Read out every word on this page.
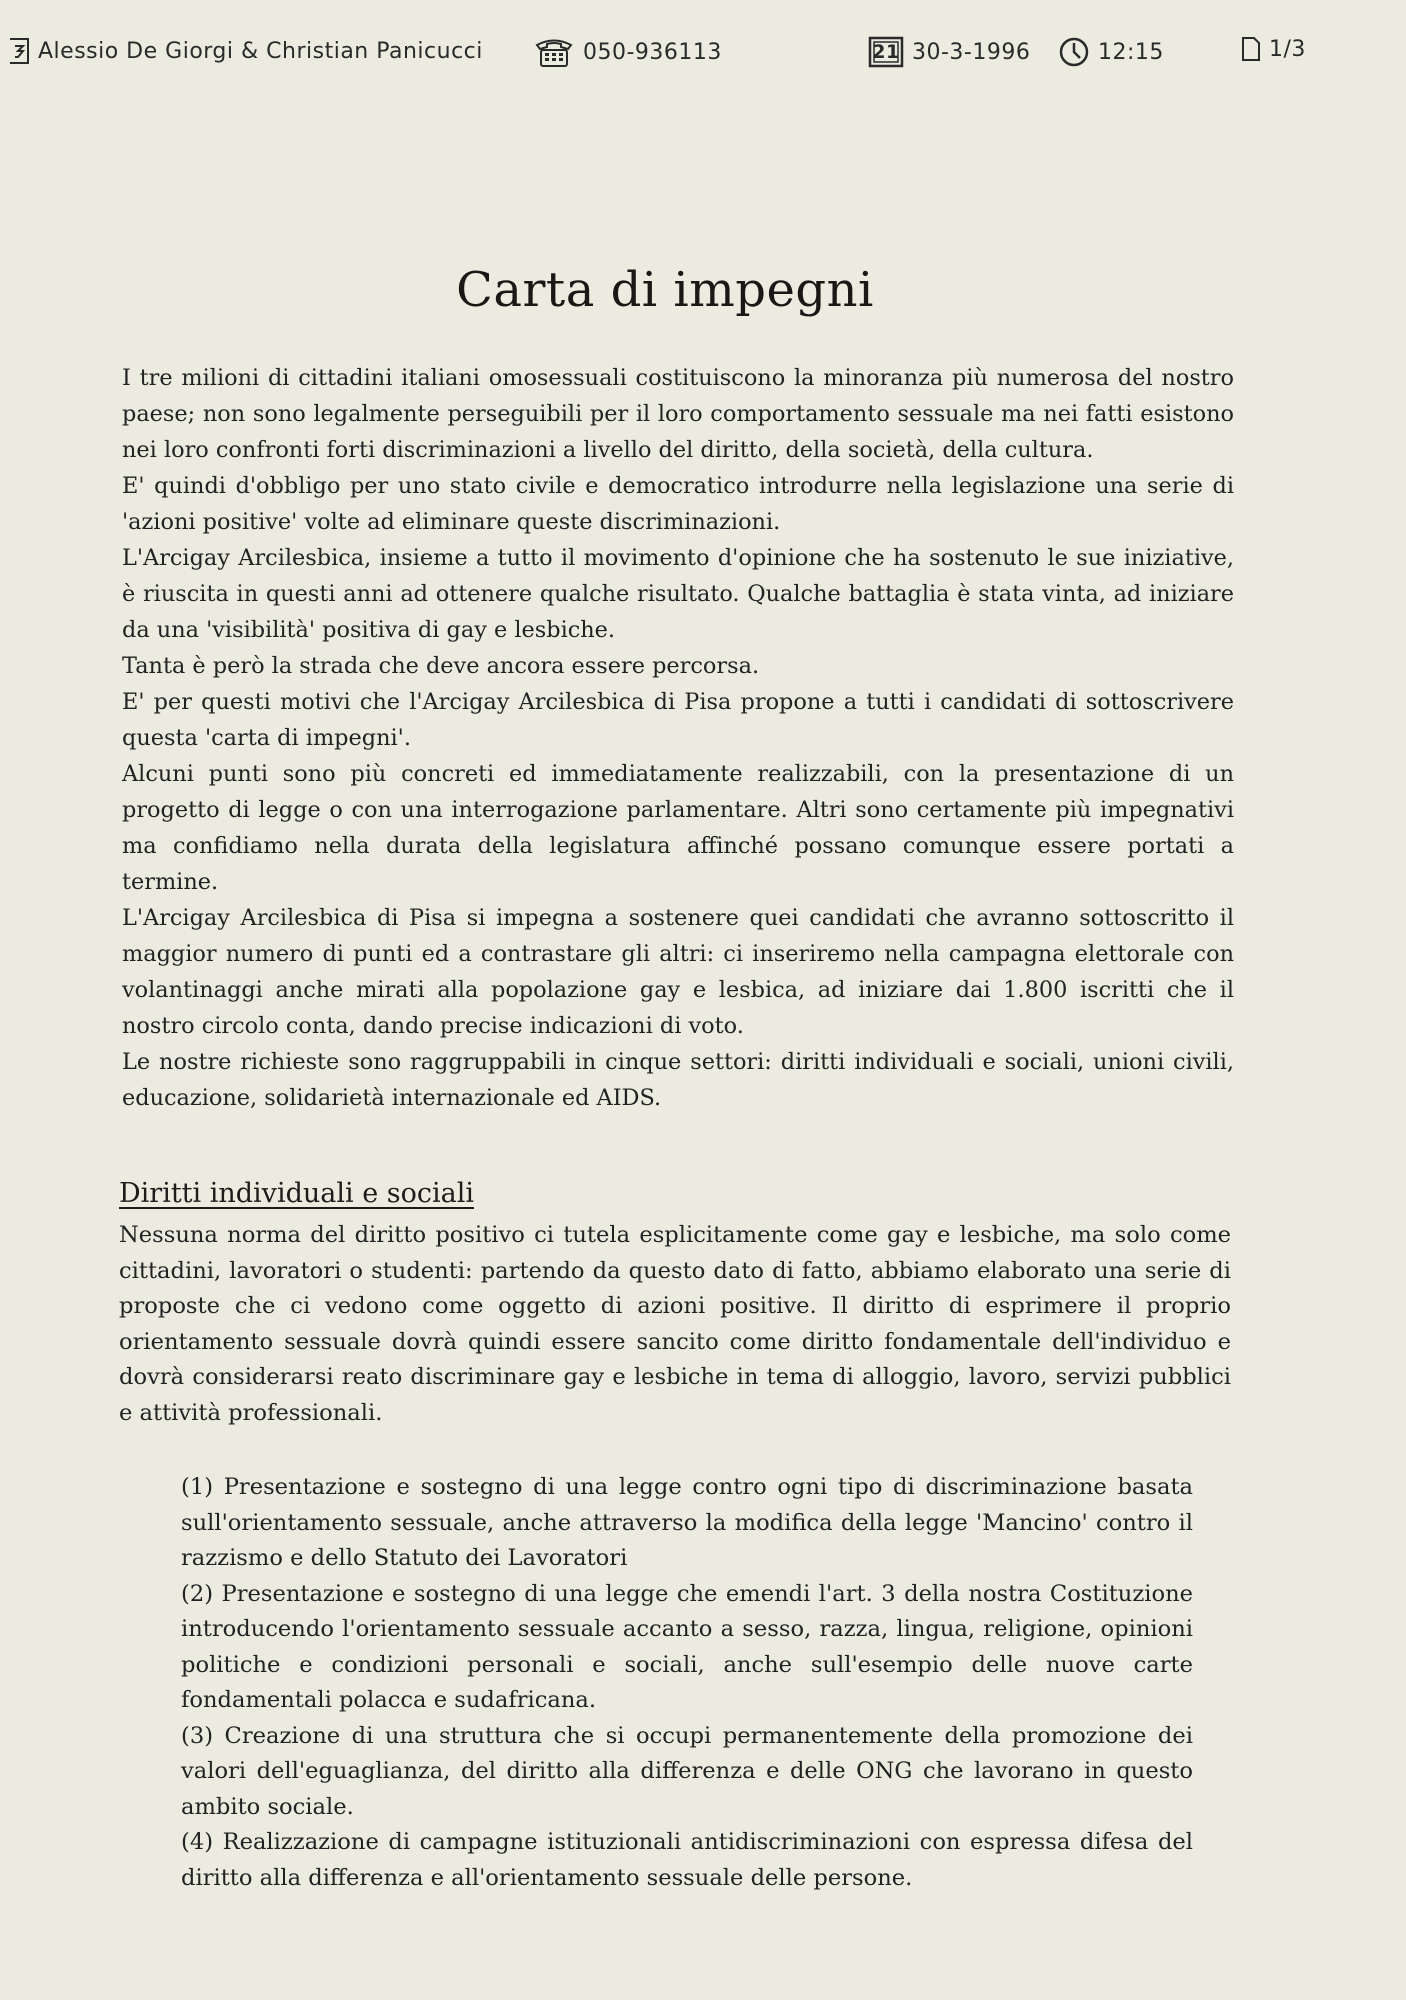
Alessio De Giorgi & Christian Panicucci	050-936113	21 30-3-1996	12:15	1/3
Carta di impegni

I tre milioni di cittadini italiani omosessuali costituiscono la minoranza più numerosa del nostro paese; non sono legalmente perseguibili per il loro comportamento sessuale ma nei fatti esistono nei loro confronti forti discriminazioni a livello del diritto, della società, della cultura.

E' quindi d'obbligo per uno stato civile e democratico introdurre nella legislazione una serie di 'azioni positive' volte ad eliminare queste discriminazioni.

L'Arcigay Arcilesbica, insieme a tutto il movimento d'opinione che ha sostenuto le sue iniziative, è riuscita in questi anni ad ottenere qualche risultato. Qualche battaglia è stata vinta, ad iniziare da una 'visibilità' positiva di gay e lesbiche.

Tanta è però la strada che deve ancora essere percorsa.

E' per questi motivi che l'Arcigay Arcilesbica di Pisa propone a tutti i candidati di sottoscrivere questa 'carta di impegni'.

Alcuni punti sono più concreti ed immediatamente realizzabili, con la presentazione di un progetto di legge o con una interrogazione parlamentare. Altri sono certamente più impegnativi ma confidiamo nella durata della legislatura affinché possano comunque essere portati a termine.

L'Arcigay Arcilesbica di Pisa si impegna a sostenere quei candidati che avranno sottoscritto il maggior numero di punti ed a contrastare gli altri: ci inseriremo nella campagna elettorale con volantinaggi anche mirati alla popolazione gay e lesbica, ad iniziare dai 1.800 iscritti che il nostro circolo conta, dando precise indicazioni di voto.

Le nostre richieste sono raggruppabili in cinque settori: diritti individuali e sociali, unioni civili, educazione, solidarietà internazionale ed AIDS.

Diritti individuali e sociali

Nessuna norma del diritto positivo ci tutela esplicitamente come gay e lesbiche, ma solo come cittadini, lavoratori o studenti: partendo da questo dato di fatto, abbiamo elaborato una serie di proposte che ci vedono come oggetto di azioni positive. Il diritto di esprimere il proprio orientamento sessuale dovrà quindi essere sancito come diritto fondamentale dell'individuo e dovrà considerarsi reato discriminare gay e lesbiche in tema di alloggio, lavoro, servizi pubblici e attività professionali.

(1) Presentazione e sostegno di una legge contro ogni tipo di discriminazione basata sull'orientamento sessuale, anche attraverso la modifica della legge 'Mancino' contro il razzismo e dello Statuto dei Lavoratori

(2) Presentazione e sostegno di una legge che emendi l'art. 3 della nostra Costituzione introducendo l'orientamento sessuale accanto a sesso, razza, lingua, religione, opinioni politiche e condizioni personali e sociali, anche sull'esempio delle nuove carte fondamentali polacca e sudafricana.

(3) Creazione di una struttura che si occupi permanentemente della promozione dei valori dell'eguaglianza, del diritto alla differenza e delle ONG che lavorano in questo ambito sociale.

(4) Realizzazione di campagne istituzionali antidiscriminazioni con espressa difesa del diritto alla differenza e all'orientamento sessuale delle persone.
